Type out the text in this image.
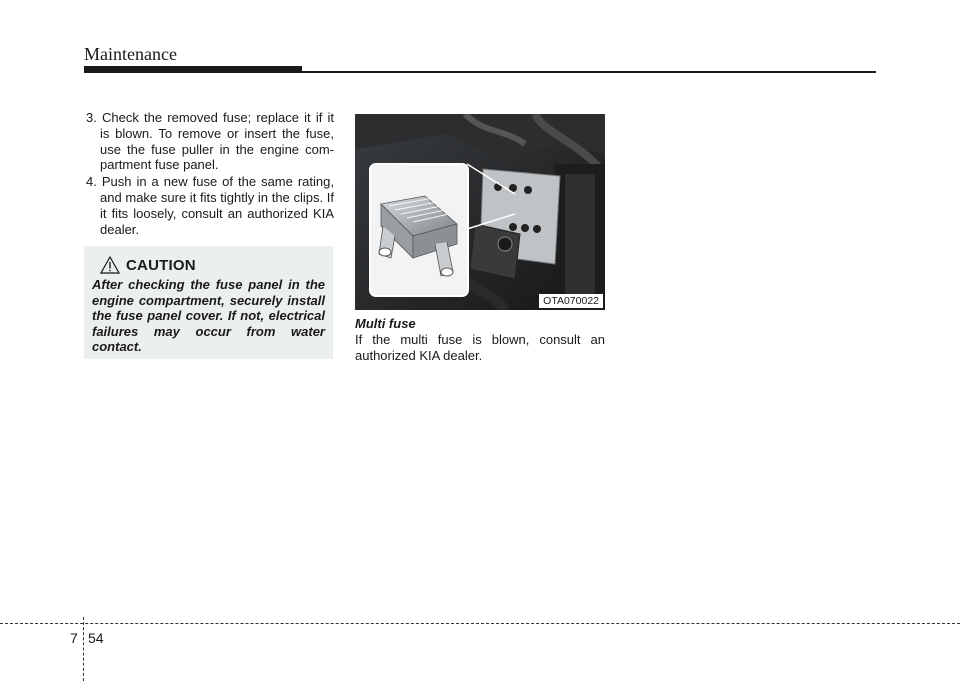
Maintenance
3. Check the removed fuse; replace it if it is blown. To remove or insert the fuse, use the fuse puller in the engine com-partment fuse panel.
4. Push in a new fuse of the same rating, and make sure it fits tightly in the clips. If it fits loosely, consult an authorized KIA dealer.
CAUTION
After checking the fuse panel in the engine compartment, securely install the fuse panel cover. If not, electrical failures may occur from water contact.
OTA070022
Multi fuse
If the multi fuse is blown, consult an authorized KIA dealer.
7 54
